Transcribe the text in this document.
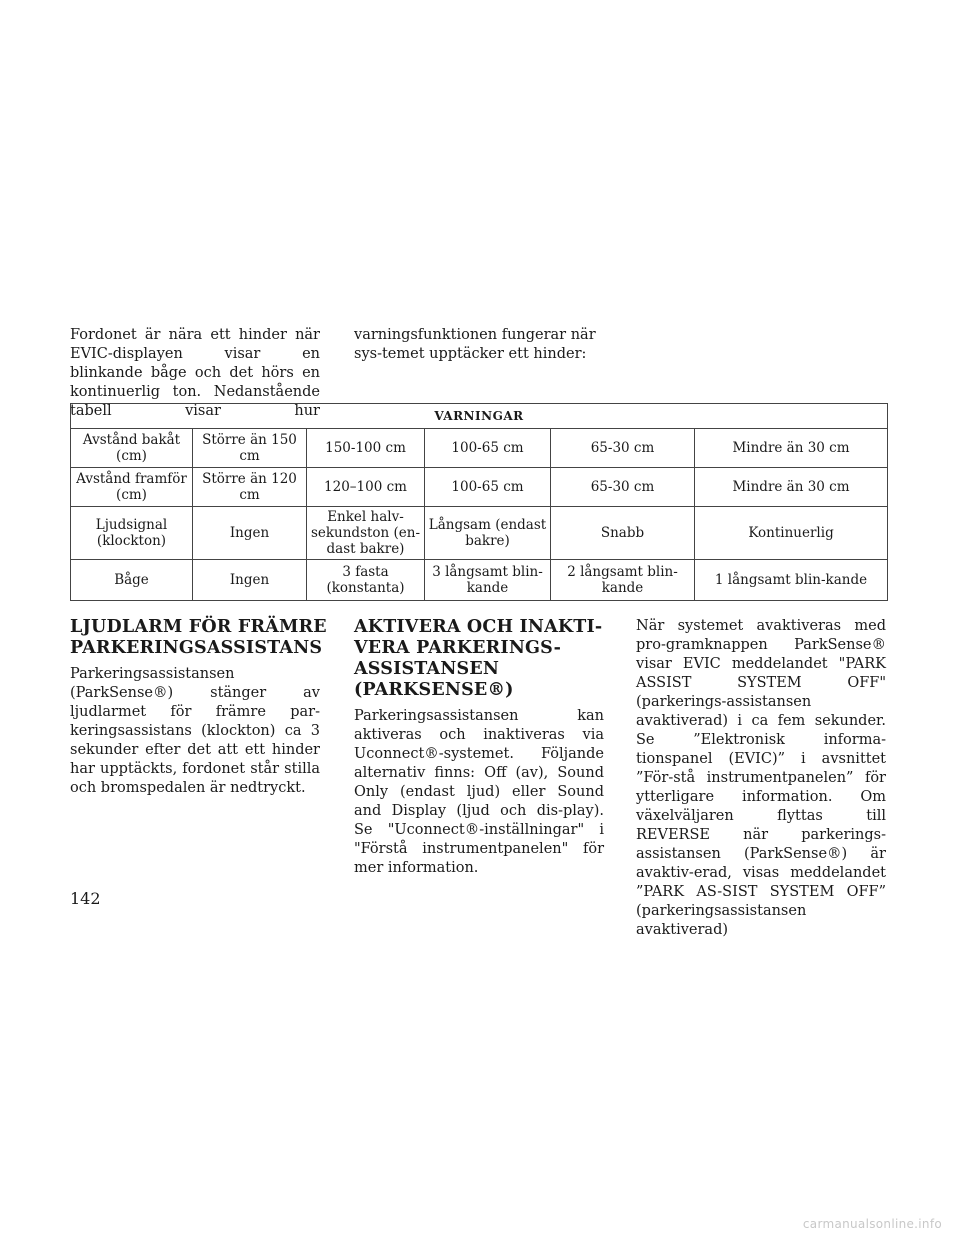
Fordonet är nära ett hinder när EVIC-displayen visar en blinkande båge och det hörs en kontinuerlig ton. Nedanstående tabell visar hur

varningsfunktionen fungerar när sys-temet upptäcker ett hinder:

VARNINGAR					
Avstånd bakåt (cm)	Större än 150 cm	150-100 cm	100-65 cm	65-30 cm	Mindre än 30 cm
Avstånd framför (cm)	Större än 120 cm	120–100 cm	100-65 cm	65-30 cm	Mindre än 30 cm
Ljudsignal (klockton)	Ingen	Enkel halv-sekundston (en-dast bakre)	Långsam (endast bakre)	Snabb	Kontinuerlig
Båge	Ingen	3 fasta (konstanta)	3 långsamt blin-kande	2 långsamt blin-kande	1 långsamt blin-kande
LJUDLARM FÖR FRÄMRE PARKERINGSASSISTANS

Parkeringsassistansen (ParkSense®) stänger av ljudlarmet för främre par-keringsassistans (klockton) ca 3 sekunder efter det att ett hinder har upptäckts, fordonet står stilla och bromspedalen är nedtryckt.

AKTIVERA OCH INAKTI-VERA PARKERINGS-ASSISTANSEN (PARKSENSE®)

Parkeringsassistansen kan aktiveras och inaktiveras via Uconnect®-systemet. Följande alternativ finns: Off (av), Sound Only (endast ljud) eller Sound and Display (ljud och dis-play). Se "Uconnect®-inställningar" i "Förstå instrumentpanelen" för mer information.

När systemet avaktiveras med pro-gramknappen ParkSense® visar EVIC meddelandet "PARK ASSIST SYSTEM OFF" (parkerings-assistansen avaktiverad) i ca fem sekunder. Se ”Elektronisk informa-tionspanel (EVIC)” i avsnittet ”För-stå instrumentpanelen” för ytterligare information. Om växelväljaren flyttas till REVERSE när parkerings-assistansen (ParkSense®) är avaktiv-erad, visas meddelandet ”PARK AS-SIST SYSTEM OFF” (parkeringsassistansen avaktiverad)

142
carmanualsonline.info
